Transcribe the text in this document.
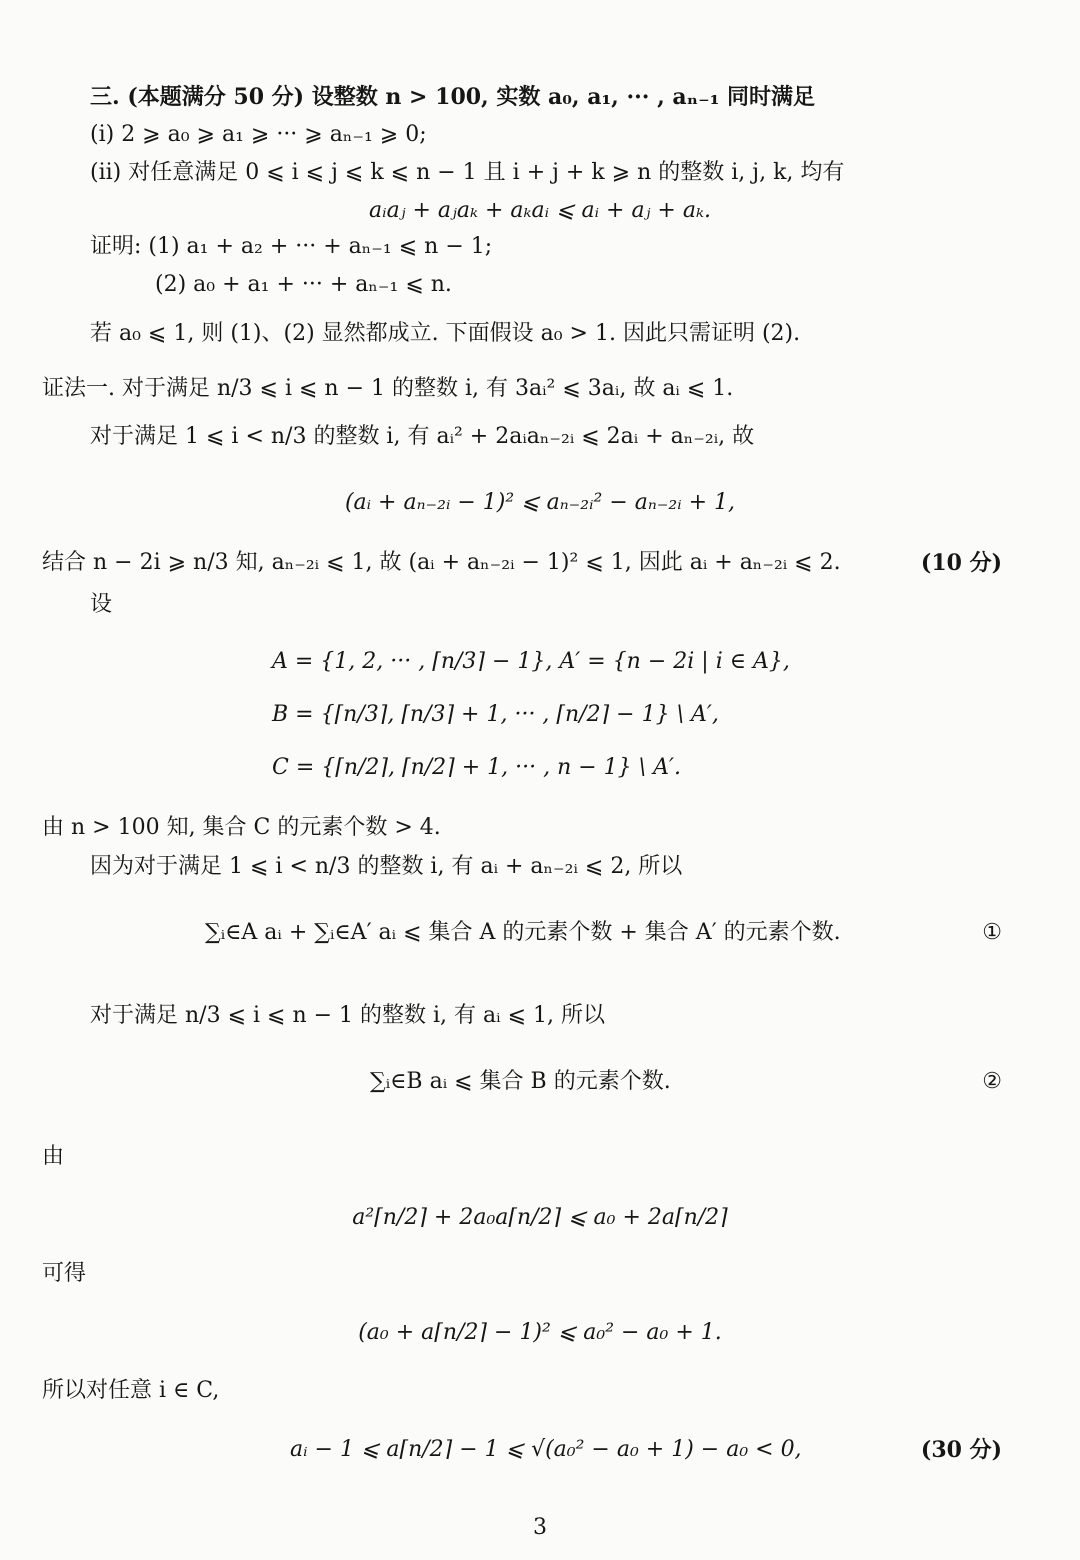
三. (本题满分 50 分) 设整数 n > 100, 实数 a₀, a₁, ··· , aₙ₋₁ 同时满足
(i) 2 ⩾ a₀ ⩾ a₁ ⩾ ··· ⩾ aₙ₋₁ ⩾ 0;
(ii) 对任意满足 0 ⩽ i ⩽ j ⩽ k ⩽ n − 1 且 i + j + k ⩾ n 的整数 i, j, k, 均有
aᵢaⱼ + aⱼaₖ + aₖaᵢ ⩽ aᵢ + aⱼ + aₖ.
证明: (1) a₁ + a₂ + ··· + aₙ₋₁ ⩽ n − 1;
(2) a₀ + a₁ + ··· + aₙ₋₁ ⩽ n.
若 a₀ ⩽ 1, 则 (1)、(2) 显然都成立. 下面假设 a₀ > 1. 因此只需证明 (2).
证法一. 对于满足 n/3 ⩽ i ⩽ n − 1 的整数 i, 有 3aᵢ² ⩽ 3aᵢ, 故 aᵢ ⩽ 1.
对于满足 1 ⩽ i < n/3 的整数 i, 有 aᵢ² + 2aᵢaₙ₋₂ᵢ ⩽ 2aᵢ + aₙ₋₂ᵢ, 故
(aᵢ + aₙ₋₂ᵢ − 1)² ⩽ aₙ₋₂ᵢ² − aₙ₋₂ᵢ + 1,
结合 n − 2i ⩾ n/3 知, aₙ₋₂ᵢ ⩽ 1, 故 (aᵢ + aₙ₋₂ᵢ − 1)² ⩽ 1, 因此 aᵢ + aₙ₋₂ᵢ ⩽ 2.	(10 分)
设
A = {1, 2, ··· , ⌈n/3⌉ − 1}, A′ = {n − 2i | i ∈ A},
B = {⌈n/3⌉, ⌈n/3⌉ + 1, ··· , ⌈n/2⌉ − 1} \ A′,
C = {⌈n/2⌉, ⌈n/2⌉ + 1, ··· , n − 1} \ A′.
由 n > 100 知, 集合 C 的元素个数 > 4.
因为对于满足 1 ⩽ i < n/3 的整数 i, 有 aᵢ + aₙ₋₂ᵢ ⩽ 2, 所以
∑ᵢ∈A aᵢ + ∑ᵢ∈A′ aᵢ ⩽ 集合 A 的元素个数 + 集合 A′ 的元素个数.	①
对于满足 n/3 ⩽ i ⩽ n − 1 的整数 i, 有 aᵢ ⩽ 1, 所以
∑ᵢ∈B aᵢ ⩽ 集合 B 的元素个数.	②
由
a²⌈n/2⌉ + 2a₀a⌈n/2⌉ ⩽ a₀ + 2a⌈n/2⌉
可得
(a₀ + a⌈n/2⌉ − 1)² ⩽ a₀² − a₀ + 1.
所以对任意 i ∈ C,
aᵢ − 1 ⩽ a⌈n/2⌉ − 1 ⩽ √(a₀² − a₀ + 1) − a₀ < 0,	(30 分)
3
